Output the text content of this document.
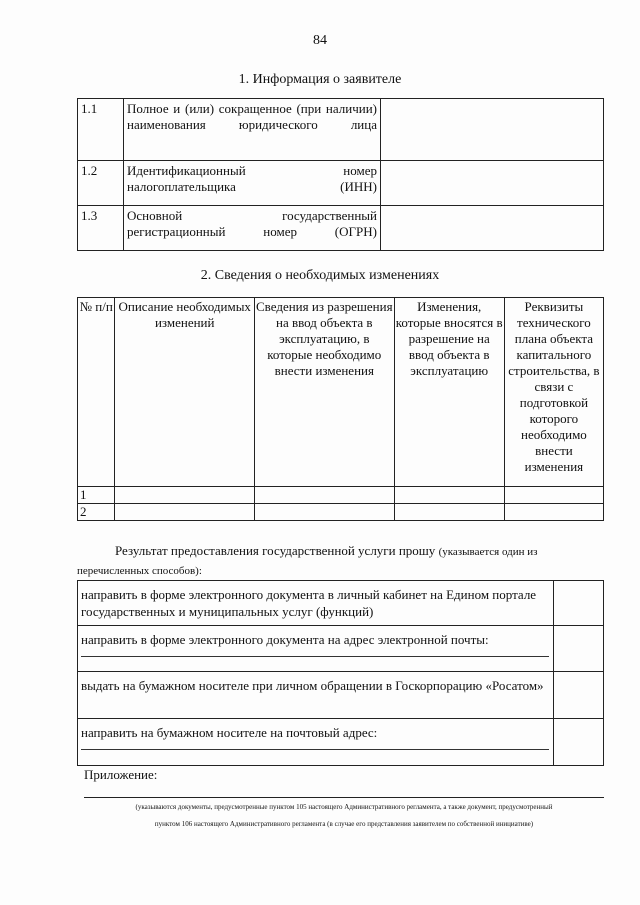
84
1. Информация о заявителе
1.1	Полное и (или) сокращенное (при наличии) наименования юридического лица	
1.2	Идентификационный номер налогоплательщика (ИНН)	
1.3	Основной государственный регистрационный номер (ОГРН)	
2. Сведения о необходимых изменениях
№ п/п	Описание необходимых изменений	Сведения из разрешения на ввод объекта в эксплуатацию, в которые необходимо внести изменения	Изменения, которые вносятся в разрешение на ввод объекта в эксплуатацию	Реквизиты технического плана объекта капитального строительства, в связи с подготовкой которого необходимо внести изменения
1				
2				
Результат предоставления государственной услуги прошу (указывается один из
перечисленных способов):
направить в форме электронного документа в личный кабинет на Едином портале государственных и муниципальных услуг (функций)	
направить в форме электронного документа на адрес электронной почты:

выдать на бумажном носителе при личном обращении в Госкорпорацию «Росатом»	
направить на бумажном носителе на почтовый адрес:

Приложение:
(указываются документы, предусмотренные пунктом 105 настоящего Административного регламента, а также документ, предусмотренный
пунктом 106 настоящего Административного регламента (в случае его представления заявителем по собственной инициативе)
